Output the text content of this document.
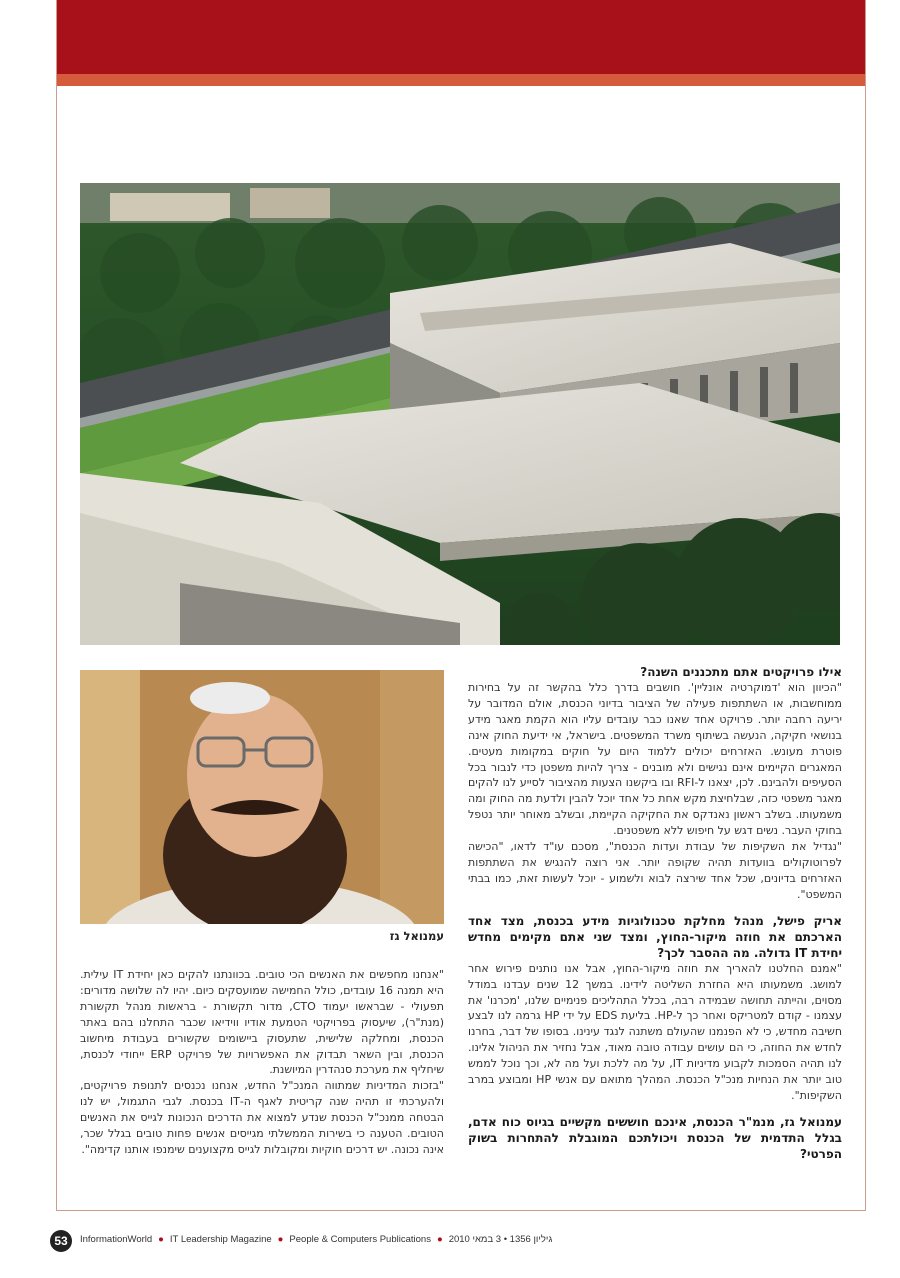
עמנואל גז

אילו פרויקטים אתם מתכננים השנה?

"הכיוון הוא 'דמוקרטיה אונליין'. חושבים בדרך כלל בהקשר זה על בחירות ממוחשבות, או השתתפות פעילה של הציבור בדיוני הכנסת, אולם המדובר על יריעה רחבה יותר. פרויקט אחד שאנו כבר עובדים עליו הוא הקמת מאגר מידע בנושאי חקיקה, הנעשה בשיתוף משרד המשפטים. בישראל, אי ידיעת החוק אינה פוטרת מעונש. האזרחים יכולים ללמוד היום על חוקים במקומות מעטים. המאגרים הקיימים אינם נגישים ולא מובנים - צריך להיות משפטן כדי לנבור בכל הסעיפים ולהבינם. לכן, יצאנו ל-RFI ובו ביקשנו הצעות מהציבור לסייע לנו להקים מאגר משפטי כזה, שבלחיצת מקש אחת כל אחד יוכל להבין ולדעת מה החוק ומה משמעותו. בשלב ראשון נאנדקס את החקיקה הקיימת, ובשלב מאוחר יותר נטפל בחוקי העבר. נשים דגש על חיפוש ללא משפטנים.

"נגדיל את השקיפות של עבודת ועדות הכנסת", מסכם עו"ד לדאו, "הכישה לפרוטוקולים בוועדות תהיה שקופה יותר. אני רוצה להנגיש את השתתפות האזרחים בדיונים, שכל אחד שירצה לבוא ולשמוע - יוכל לעשות זאת, כמו בבתי המשפט".

אריק פישל, מנהל מחלקת טכנולוגיות מידע בכנסת, מצד אחד הארכתם את חוזה מיקור-החוץ, ומצד שני אתם מקימים מחדש יחידת IT גדולה. מה ההסבר לכך?

"אמנם החלטנו להאריך את חוזה מיקור-החוץ, אבל אנו נותנים פירוש אחר למושג. משמעותו היא החזרת השליטה לידינו. במשך 12 שנים עבדנו במודל מסוים, והייתה תחושה שבמידה רבה, בכלל התהליכים פנימיים שלנו, 'מכרנו' את עצמנו - קודם למטריקס ואחר כך ל-HP. בליעת EDS על ידי HP גרמה לנו לבצע חשיבה מחדש, כי לא הפנמנו שהעולם משתנה לנגד עינינו. בסופו של דבר, בחרנו לחדש את החוזה, כי הם עושים עבודה טובה מאוד, אבל נחזיר את הניהול אלינו. לנו תהיה הסמכות לקבוע מדיניות IT, על מה ללכת ועל מה לא, וכך נוכל לממש טוב יותר את הנחיות מנכ"ל הכנסת. המהלך מתואם עם אנשי HP ומבוצע במרב השקיפות".

עמנואל גז, מנמ"ר הכנסת, אינכם חוששים מקשיים בגיוס כוח אדם, בגלל התדמית של הכנסת ויכולתכם המוגבלת להתחרות בשוק הפרטי?

"אנחנו מחפשים את האנשים הכי טובים. בכוונתנו להקים כאן יחידת IT עילית. היא תמנה 16 עובדים, כולל החמישה שמועסקים כיום. יהיו לה שלושה מדורים: תפעולי - שבראשו יעמוד CTO, מדור תקשורת - בראשות מנהל תקשורת (מנת"ר), שיעסוק בפרויקטי הטמעת אודיו ווידיאו שכבר התחלנו בהם באתר הכנסת, ומחלקה שלישית, שתעסוק ביישומים שקשורים בעבודת מיחשוב הכנסת, ובין השאר תבדוק את האפשרויות של פרויקט ERP ייחודי לכנסת, שיחליף את מערכת סנהדרין המיושנת.

"בזכות המדיניות שמתווה המנכ"ל החדש, אנחנו נכנסים לתנופת פרויקטים, ולהערכתי זו תהיה שנה קריטית לאגף ה-IT בכנסת. לגבי התגמול, יש לנו הבטחה ממנכ"ל הכנסת שנדע למצוא את הדרכים הנכונות לגייס את האנשים הטובים. הטענה כי בשירות הממשלתי מגייסים אנשים פחות טובים בגלל שכר, אינה נכונה. יש דרכים חוקיות ומקובלות לגייס מקצוענים שימנפו אותנו קדימה".

53	InformationWorld ● IT Leadership Magazine ● People & Computers Publications ● גיליון 1356 • 3 במאי 2010
